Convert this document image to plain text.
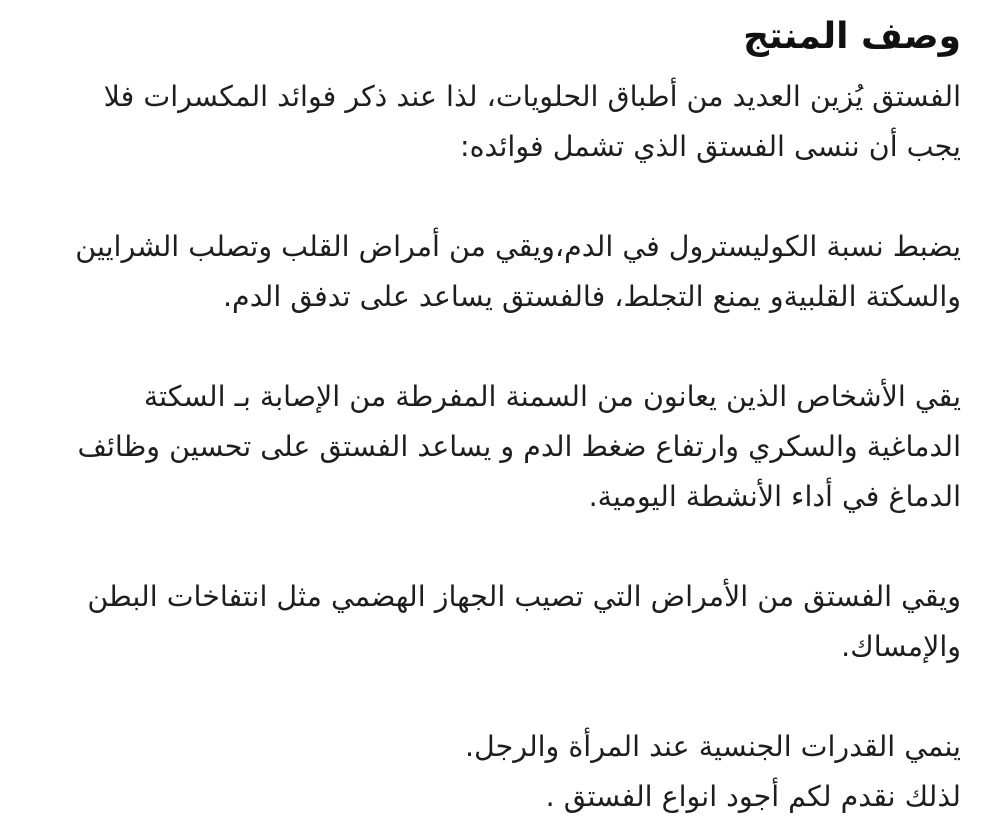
وصف المنتج

الفستق يُزين العديد من أطباق الحلويات، لذا عند ذكر فوائد المكسرات فلا
يجب أن ننسى الفستق الذي تشمل فوائده:

يضبط نسبة الكوليسترول في الدم،ويقي من أمراض القلب وتصلب الشرايين
والسكتة القلبيةو يمنع التجلط، فالفستق يساعد على تدفق الدم.

يقي الأشخاص الذين يعانون من السمنة المفرطة من الإصابة بـ السكتة
الدماغية والسكري وارتفاع ضغط الدم و يساعد الفستق على تحسين وظائف
الدماغ في أداء الأنشطة اليومية.

ويقي الفستق من الأمراض التي تصيب الجهاز الهضمي مثل انتفاخات البطن
والإمساك.

ينمي القدرات الجنسية عند المرأة والرجل.
لذلك نقدم لكم أجود انواع الفستق .
